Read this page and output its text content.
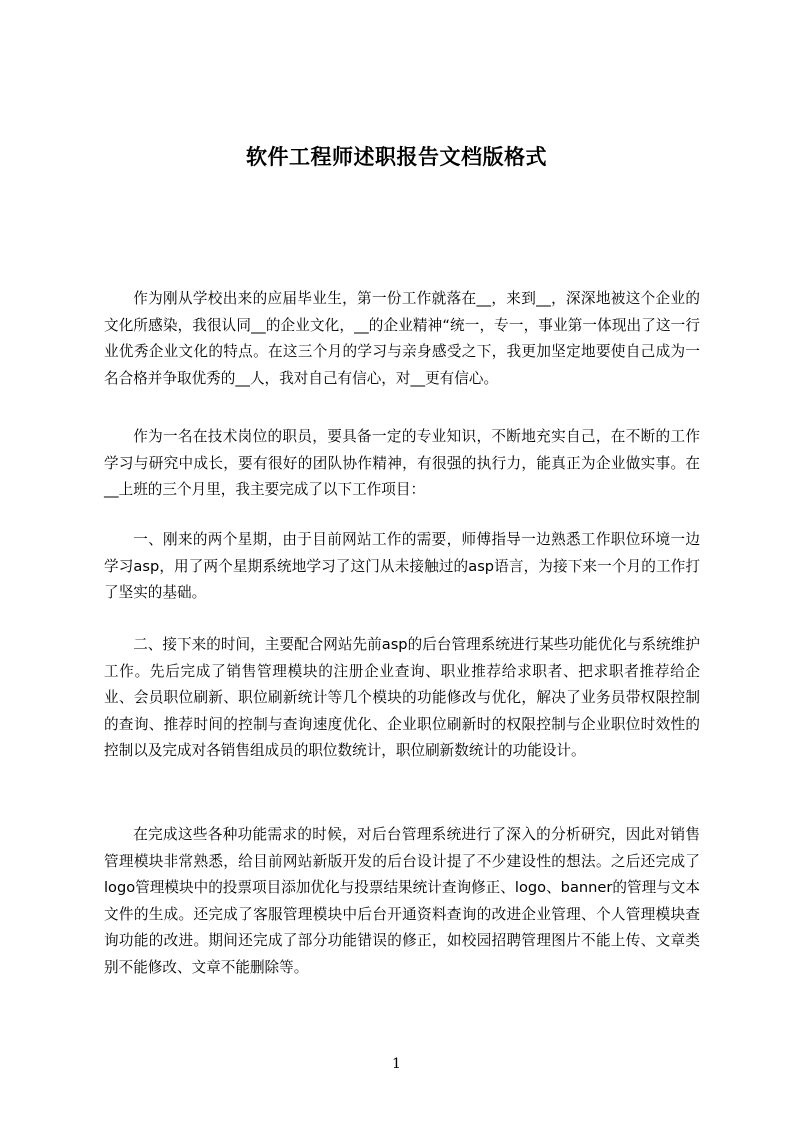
软件工程师述职报告文档版格式

作为刚从学校出来的应届毕业生，第一份工作就落在__，来到__，深深地被这个企业的文化所感染，我很认同__的企业文化，__的企业精神“统一，专一，事业第一体现出了这一行业优秀企业文化的特点。在这三个月的学习与亲身感受之下，我更加坚定地要使自己成为一名合格并争取优秀的__人，我对自己有信心，对__更有信心。

作为一名在技术岗位的职员，要具备一定的专业知识，不断地充实自己，在不断的工作学习与研究中成长，要有很好的团队协作精神，有很强的执行力，能真正为企业做实事。在__上班的三个月里，我主要完成了以下工作项目：

一、刚来的两个星期，由于目前网站工作的需要，师傅指导一边熟悉工作职位环境一边学习asp，用了两个星期系统地学习了这门从未接触过的asp语言，为接下来一个月的工作打了坚实的基础。

二、接下来的时间，主要配合网站先前asp的后台管理系统进行某些功能优化与系统维护工作。先后完成了销售管理模块的注册企业查询、职业推荐给求职者、把求职者推荐给企业、会员职位刷新、职位刷新统计等几个模块的功能修改与优化，解决了业务员带权限控制的查询、推荐时间的控制与查询速度优化、企业职位刷新时的权限控制与企业职位时效性的控制以及完成对各销售组成员的职位数统计，职位刷新数统计的功能设计。

在完成这些各种功能需求的时候，对后台管理系统进行了深入的分析研究，因此对销售管理模块非常熟悉，给目前网站新版开发的后台设计提了不少建设性的想法。之后还完成了logo管理模块中的投票项目添加优化与投票结果统计查询修正、logo、banner的管理与文本文件的生成。还完成了客服管理模块中后台开通资料查询的改进企业管理、个人管理模块查询功能的改进。期间还完成了部分功能错误的修正，如校园招聘管理图片不能上传、文章类别不能修改、文章不能删除等。

1
